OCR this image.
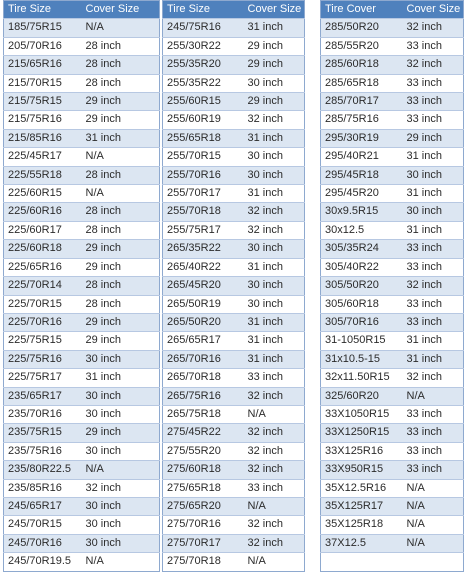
Tire Size	Cover Size
185/75R15	N/A
205/70R16	28 inch
215/65R16	28 inch
215/70R15	28 inch
215/75R15	29 inch
215/75R16	29 inch
215/85R16	31 inch
225/45R17	N/A
225/55R18	28 inch
225/60R15	N/A
225/60R16	28 inch
225/60R17	28 inch
225/60R18	29 inch
225/65R16	29 inch
225/70R14	28 inch
225/70R15	28 inch
225/70R16	29 inch
225/75R15	29 inch
225/75R16	30 inch
225/75R17	31 inch
235/65R17	30 inch
235/70R16	30 inch
235/75R15	29 inch
235/75R16	30 inch
235/80R22.5	N/A
235/85R16	32 inch
245/65R17	30 inch
245/70R15	30 inch
245/70R16	30 inch
245/70R19.5	N/A
Tire Size	Cover Size
245/75R16	31 inch
255/30R22	29 inch
255/35R20	29 inch
255/35R22	30 inch
255/60R15	29 inch
255/60R19	32 inch
255/65R18	31 inch
255/70R15	30 inch
255/70R16	30 inch
255/70R17	31 inch
255/70R18	32 inch
255/75R17	32 inch
265/35R22	30 inch
265/40R22	31 inch
265/45R20	30 inch
265/50R19	30 inch
265/50R20	31 inch
265/65R17	31 inch
265/70R16	31 inch
265/70R18	33 inch
265/75R16	32 inch
265/75R18	N/A
275/45R22	32 inch
275/55R20	32 inch
275/60R18	32 inch
275/65R18	33 inch
275/65R20	N/A
275/70R16	32 inch
275/70R17	32 inch
275/70R18	N/A
Tire Cover	Cover Size
285/50R20	32 inch
285/55R20	33 inch
285/60R18	32 inch
285/65R18	33 inch
285/70R17	33 inch
285/75R16	33 inch
295/30R19	29 inch
295/40R21	31 inch
295/45R18	30 inch
295/45R20	31 inch
30x9.5R15	30 inch
30x12.5	31 inch
305/35R24	33 inch
305/40R22	33 inch
305/50R20	32 inch
305/60R18	33 inch
305/70R16	33 inch
31-1050R15	31 inch
31x10.5-15	31 inch
32x11.50R15	32 inch
325/60R20	N/A
33X1050R15	33 inch
33X1250R15	33 inch
33X125R16	33 inch
33X950R15	33 inch
35X12.5R16	N/A
35X125R17	N/A
35X125R18	N/A
37X12.5	N/A
